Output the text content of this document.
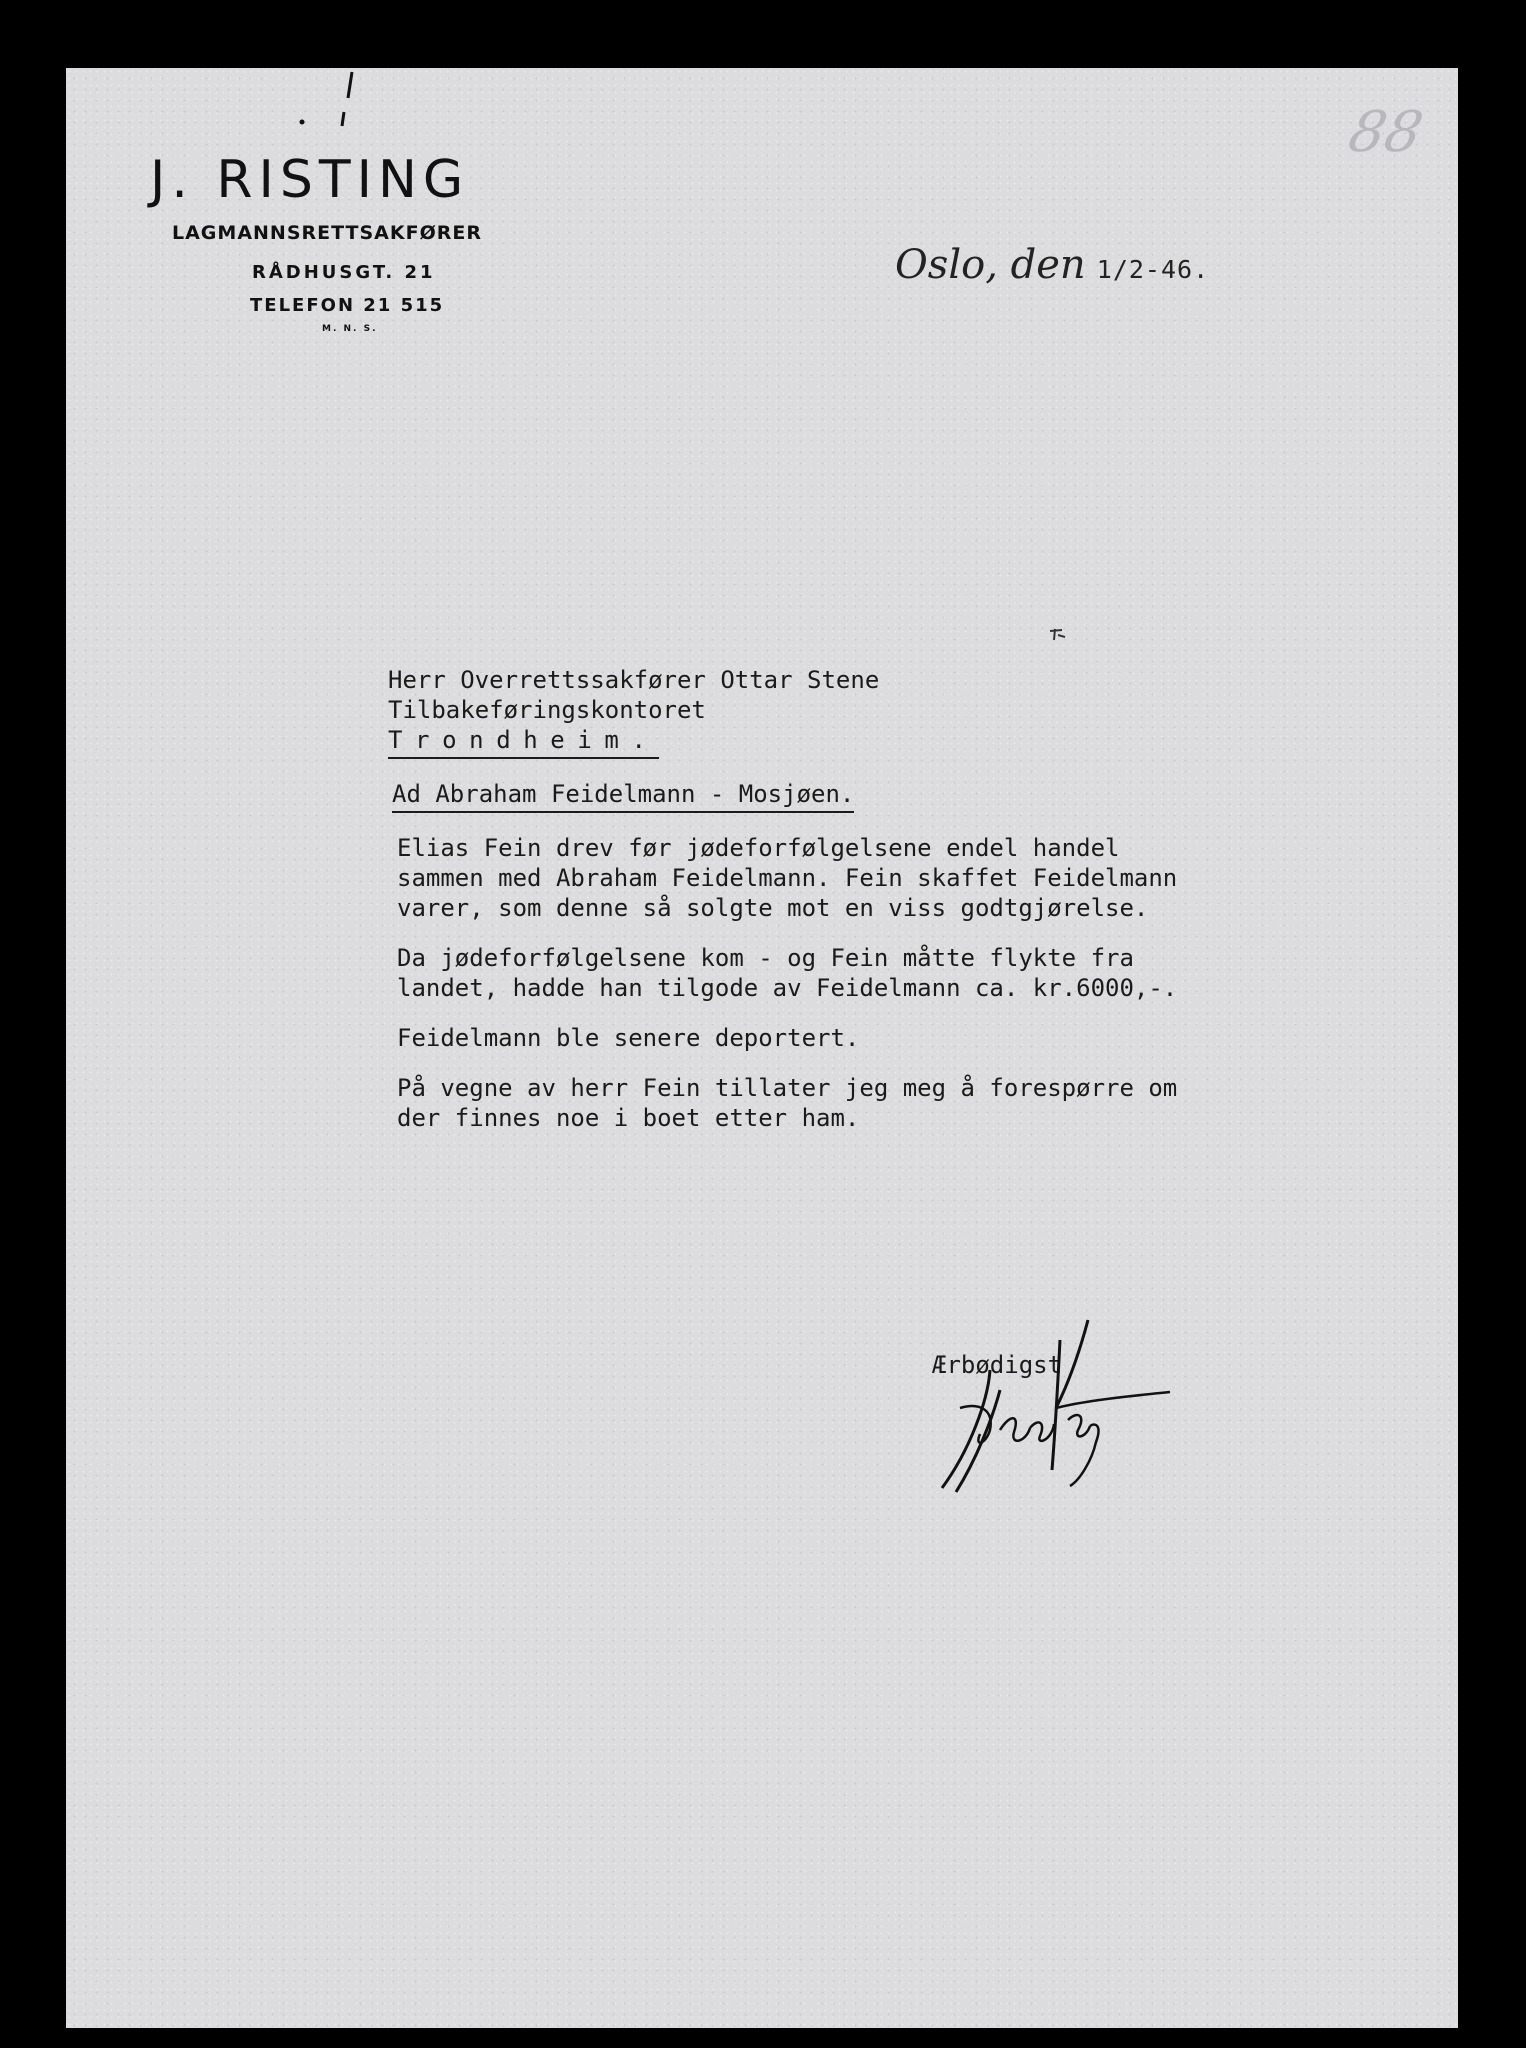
88
J. RISTING
LAGMANNSRETTSAKFØRER
RÅDHUSGT. 21
TELEFON 21 515
M. N. S.
Oslo, den 1/2-46.

Herr Overrettssakfører Ottar Stene

Tilbakeføringskontoret

Trondheim.

Ad Abraham Feidelmann - Mosjøen.

Elias Fein drev før jødeforfølgelsene endel handel
sammen med Abraham Feidelmann. Fein skaffet Feidelmann
varer, som denne så solgte mot en viss godtgjørelse.

Da jødeforfølgelsene kom - og Fein måtte flykte fra
landet, hadde han tilgode av Feidelmann ca. kr.6000,-.

Feidelmann ble senere deportert.

På vegne av herr Fein tillater jeg meg å forespørre om
der finnes noe i boet etter ham.

Ærbødigst
